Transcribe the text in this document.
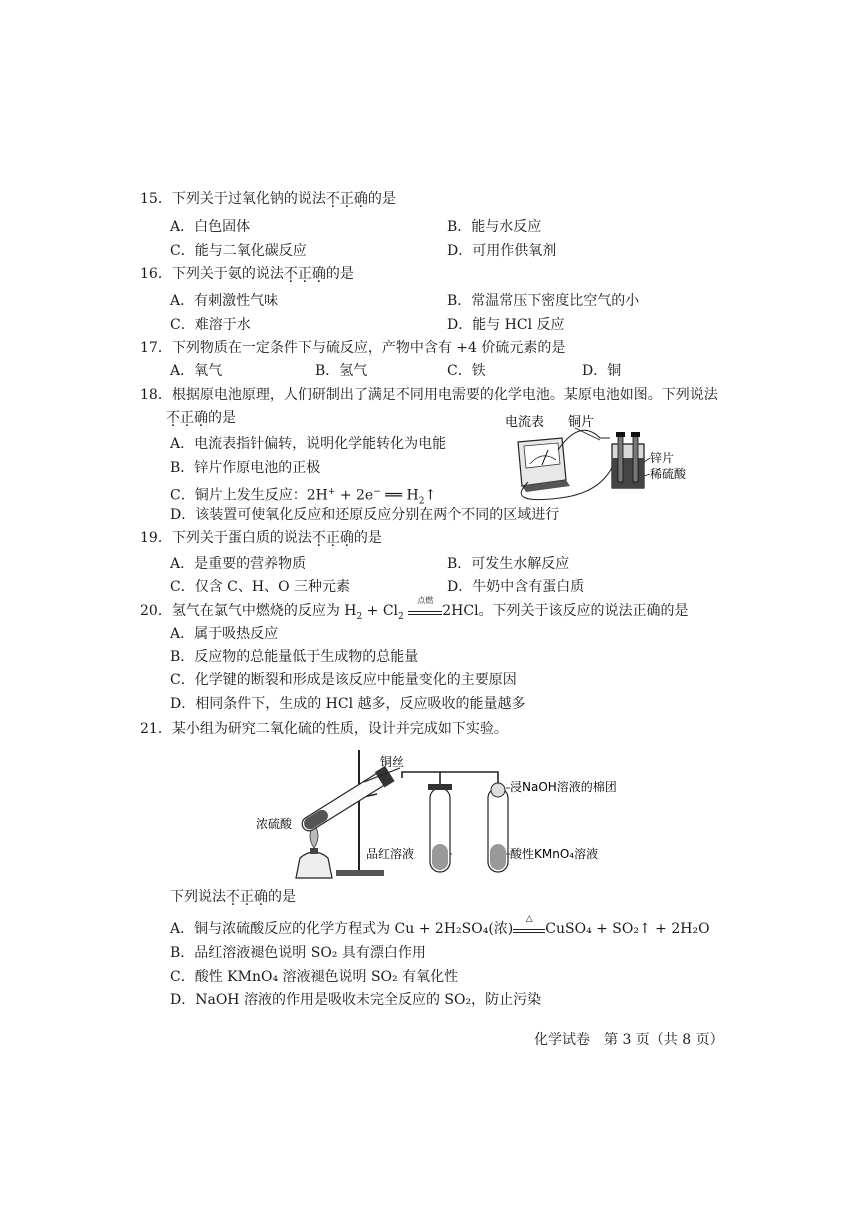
15．下列关于过氧化钠的说法不正确的是
A．白色固体	B．能与水反应
C．能与二氧化碳反应	D．可用作供氧剂
16．下列关于氨的说法不正确的是
A．有刺激性气味	B．常温常压下密度比空气的小
C．难溶于水	D．能与 HCl 反应
17．下列物质在一定条件下与硫反应，产物中含有 +4 价硫元素的是
A．氧气	B．氢气	C．铁	D．铜
18．根据原电池原理，人们研制出了满足不同用电需要的化学电池。某原电池如图。下列说法
不正确的是
A．电流表指针偏转，说明化学能转化为电能
B．锌片作原电池的正极
C．铜片上发生反应：2H+ + 2e− ══ $H_2↑$
D．该装置可使氧化反应和还原反应分别在两个不同的区域进行
电流表 铜片
锌片
稀硫酸
19．下列关于蛋白质的说法不正确的是
A．是重要的营养物质	B．可发生水解反应
C．仅含 C、H、O 三种元素	D．牛奶中含有蛋白质
20．氢气在氯气中燃烧的反应为 $H_2 + Cl_2$
点燃
2HCl。下列关于该反应的说法正确的是
A．属于吸热反应
B．反应物的总能量低于生成物的总能量
C．化学键的断裂和形成是该反应中能量变化的主要原因
D．相同条件下，生成的 HCl 越多，反应吸收的能量越多
21．某小组为研究二氧化硫的性质，设计并完成如下实验。
铜丝
浸NaOH溶液的棉团
浓硫酸
品红溶液	酸性KMnO₄溶液
下列说法不正确的是
A．铜与浓硫酸反应的化学方程式为 Cu + 2H₂SO₄(浓)
△
CuSO₄ + SO₂↑ + 2H₂O
B．品红溶液褪色说明 SO₂ 具有漂白作用
C．酸性 KMnO₄ 溶液褪色说明 SO₂ 有氧化性
D．NaOH 溶液的作用是吸收未完全反应的 SO₂，防止污染
化学试卷　第 3 页（共 8 页）
